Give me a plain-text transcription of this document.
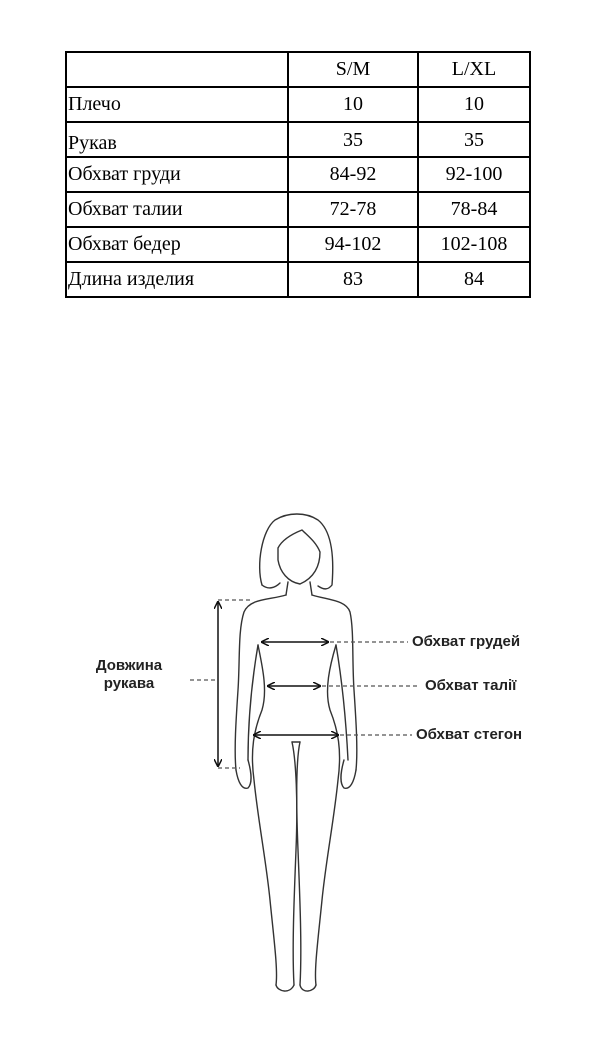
	S/M	L/XL
Плечо	10	10
Рукав	35	35
Обхват груди	84-92	92-100
Обхват талии	72-78	78-84
Обхват бедер	94-102	102-108
Длина изделия	83	84
Довжина
рукава
Обхват грудей
Обхват талії
Обхват стегон
